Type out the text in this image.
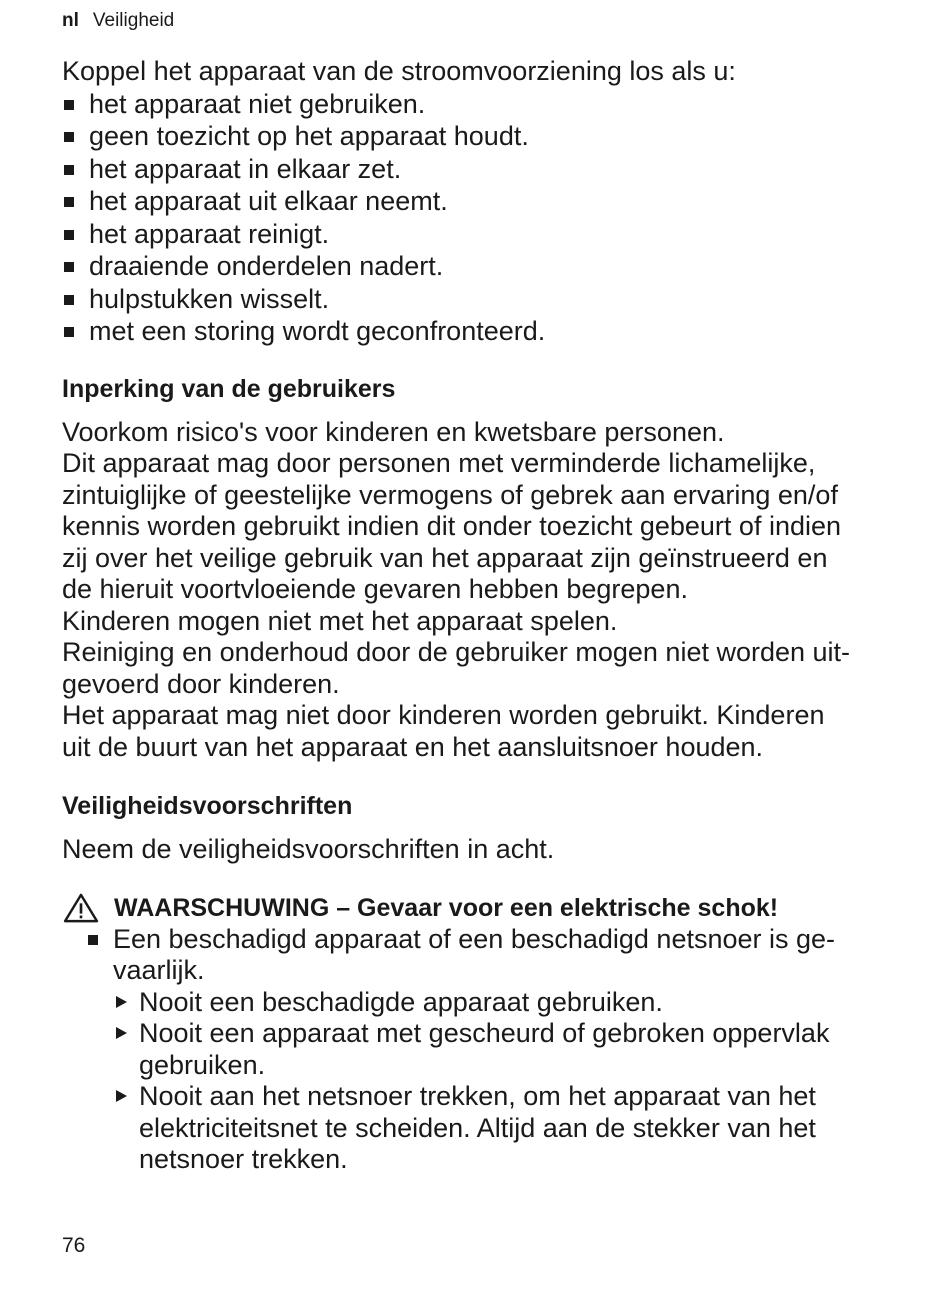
nl Veiligheid

Koppel het apparaat van de stroomvoorziening los als u:

het apparaat niet gebruiken.
geen toezicht op het apparaat houdt.
het apparaat in elkaar zet.
het apparaat uit elkaar neemt.
het apparaat reinigt.
draaiende onderdelen nadert.
hulpstukken wisselt.
met een storing wordt geconfronteerd.
Inperking van de gebruikers

Voorkom risico's voor kinderen en kwetsbare personen.

Dit apparaat mag door personen met verminderde lichamelijke,

zintuiglijke of geestelijke vermogens of gebrek aan ervaring en/of

kennis worden gebruikt indien dit onder toezicht gebeurt of indien

zij over het veilige gebruik van het apparaat zijn geïnstrueerd en

de hieruit voortvloeiende gevaren hebben begrepen.

Kinderen mogen niet met het apparaat spelen.

Reiniging en onderhoud door de gebruiker mogen niet worden uit-

gevoerd door kinderen.

Het apparaat mag niet door kinderen worden gebruikt. Kinderen

uit de buurt van het apparaat en het aansluitsnoer houden.

Veiligheidsvoorschriften

Neem de veiligheidsvoorschriften in acht.

WAARSCHUWING – Gevaar voor een elektrische schok!
Een beschadigd apparaat of een beschadigd netsnoer is ge-
vaarlijk.
Nooit een beschadigde apparaat gebruiken.
Nooit een apparaat met gescheurd of gebroken oppervlak
gebruiken.
Nooit aan het netsnoer trekken, om het apparaat van het
elektriciteitsnet te scheiden. Altijd aan de stekker van het
netsnoer trekken.
76
